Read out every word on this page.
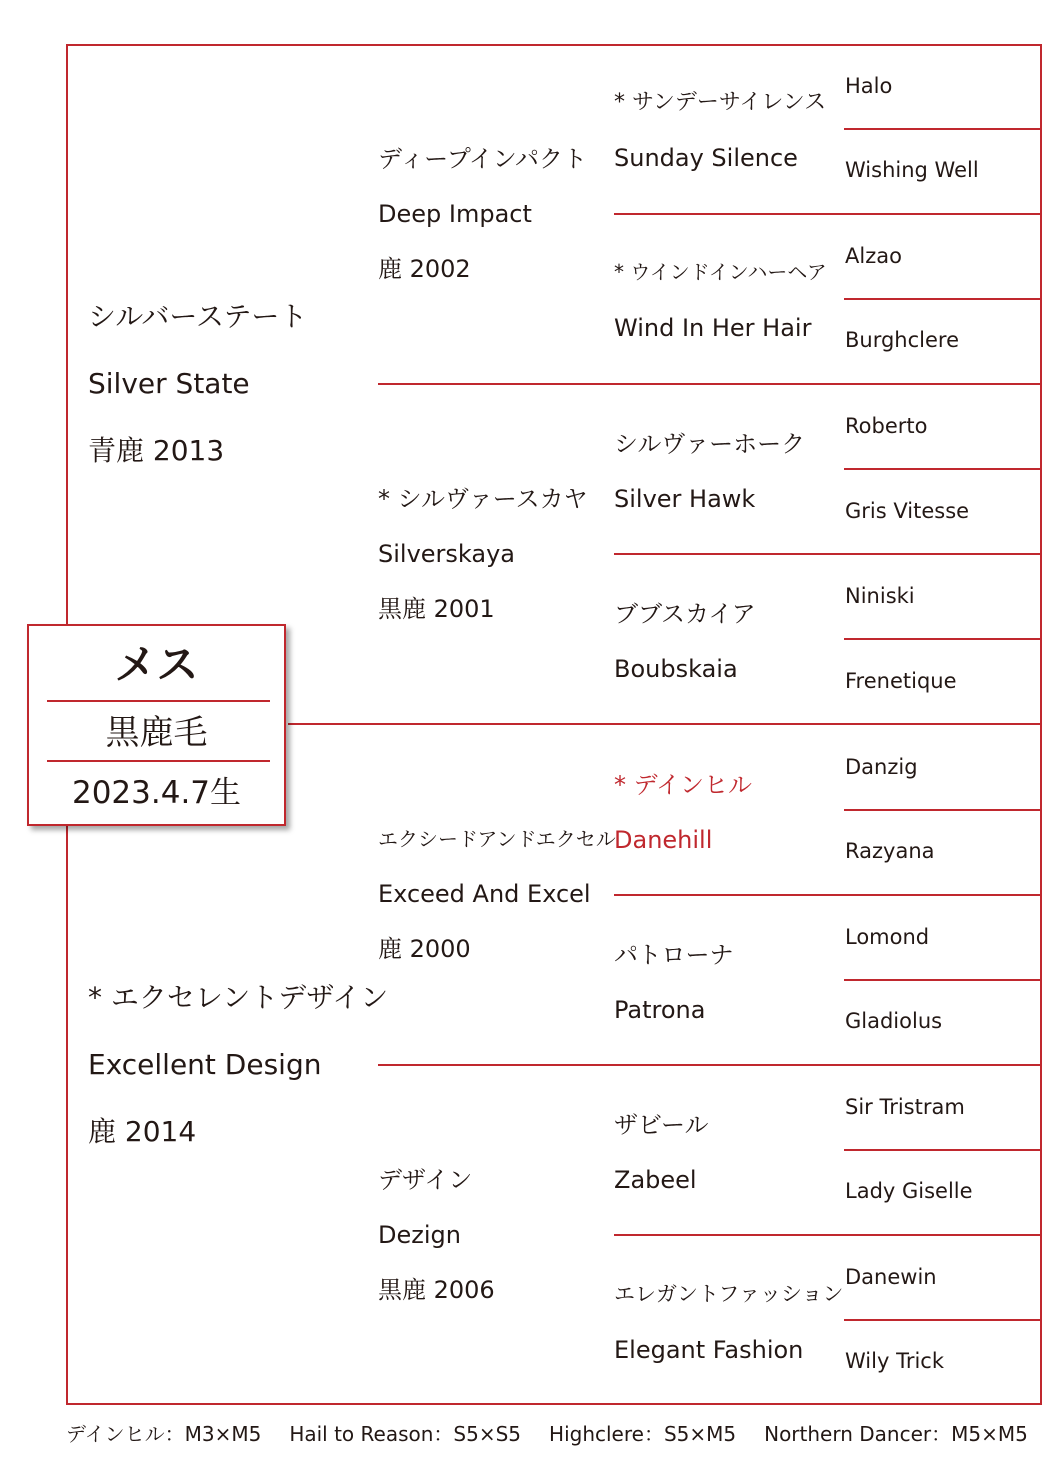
メス
黒鹿毛
2023.4.7生
シルバーステート
Silver State
青鹿 2013
* エクセレントデザイン
Excellent Design
鹿 2014
ディープインパクト
Deep Impact
鹿 2002
* シルヴァースカヤ
Silverskaya
黒鹿 2001
エクシードアンドエクセル
Exceed And Excel
鹿 2000
デザイン
Dezign
黒鹿 2006
* サンデーサイレンス
Sunday Silence
* ウインドインハーヘア
Wind In Her Hair
シルヴァーホーク
Silver Hawk
ブブスカイア
Boubskaia
* デインヒル
Danehill
パトローナ
Patrona
ザビール
Zabeel
エレガントファッション
Elegant Fashion
Halo
Wishing Well
Alzao
Burghclere
Roberto
Gris Vitesse
Niniski
Frenetique
Danzig
Razyana
Lomond
Gladiolus
Sir Tristram
Lady Giselle
Danewin
Wily Trick
デインヒル：M3×M5 Hail to Reason：S5×S5 Highclere：S5×M5 Northern Dancer：M5×M5
